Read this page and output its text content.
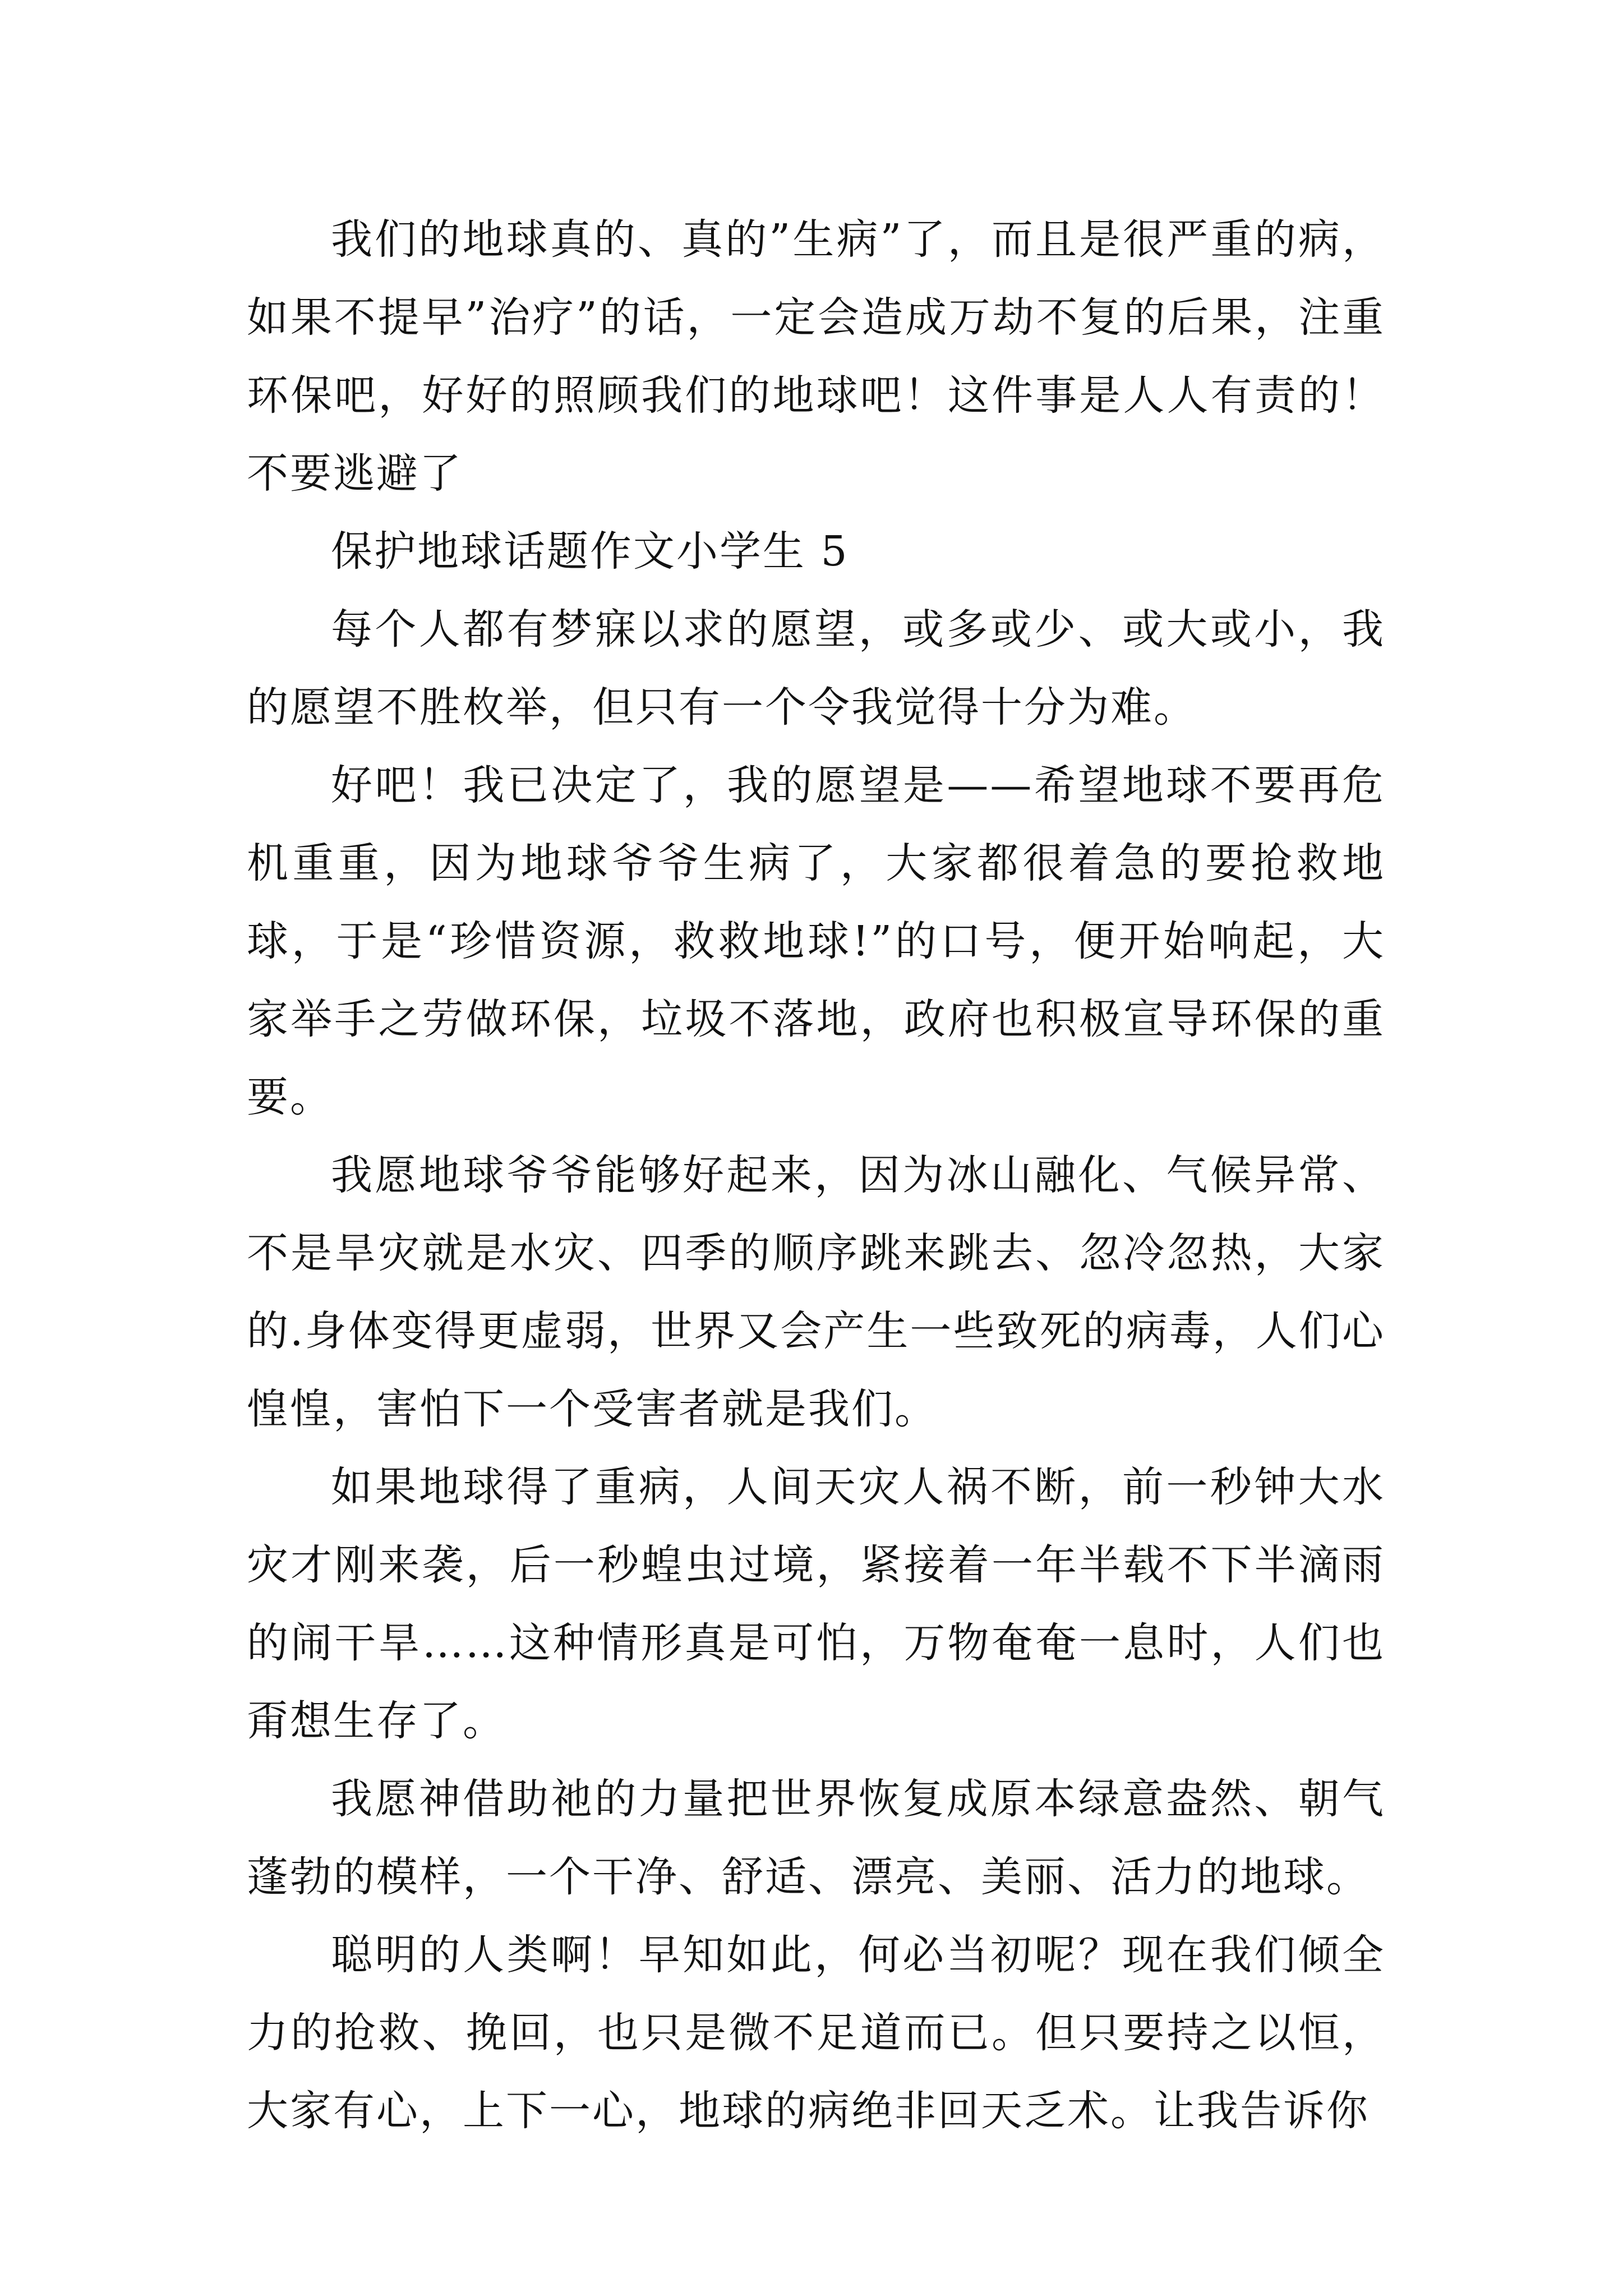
我们的地球真的、真的”生病”了，而且是很严重的病，如果不提早”治疗”的话，一定会造成万劫不复的后果，注重环保吧，好好的照顾我们的地球吧！这件事是人人有责的！不要逃避了

保护地球话题作文小学生 5

每个人都有梦寐以求的愿望，或多或少、或大或小，我的愿望不胜枚举，但只有一个令我觉得十分为难。

好吧！我已决定了，我的愿望是——希望地球不要再危机重重，因为地球爷爷生病了，大家都很着急的要抢救地球，于是“珍惜资源，救救地球!”的口号，便开始响起，大家举手之劳做环保，垃圾不落地，政府也积极宣导环保的重要。

我愿地球爷爷能够好起来，因为冰山融化、气候异常、不是旱灾就是水灾、四季的顺序跳来跳去、忽冷忽热，大家的.身体变得更虚弱，世界又会产生一些致死的病毒，人们心惶惶，害怕下一个受害者就是我们。

如果地球得了重病，人间天灾人祸不断，前一秒钟大水灾才刚来袭，后一秒蝗虫过境，紧接着一年半载不下半滴雨的闹干旱……这种情形真是可怕，万物奄奄一息时，人们也甭想生存了。

我愿神借助祂的力量把世界恢复成原本绿意盎然、朝气蓬勃的模样，一个干净、舒适、漂亮、美丽、活力的地球。

聪明的人类啊！早知如此，何必当初呢？现在我们倾全力的抢救、挽回，也只是微不足道而已。但只要持之以恒，大家有心，上下一心，地球的病绝非回天乏术。让我告诉你
